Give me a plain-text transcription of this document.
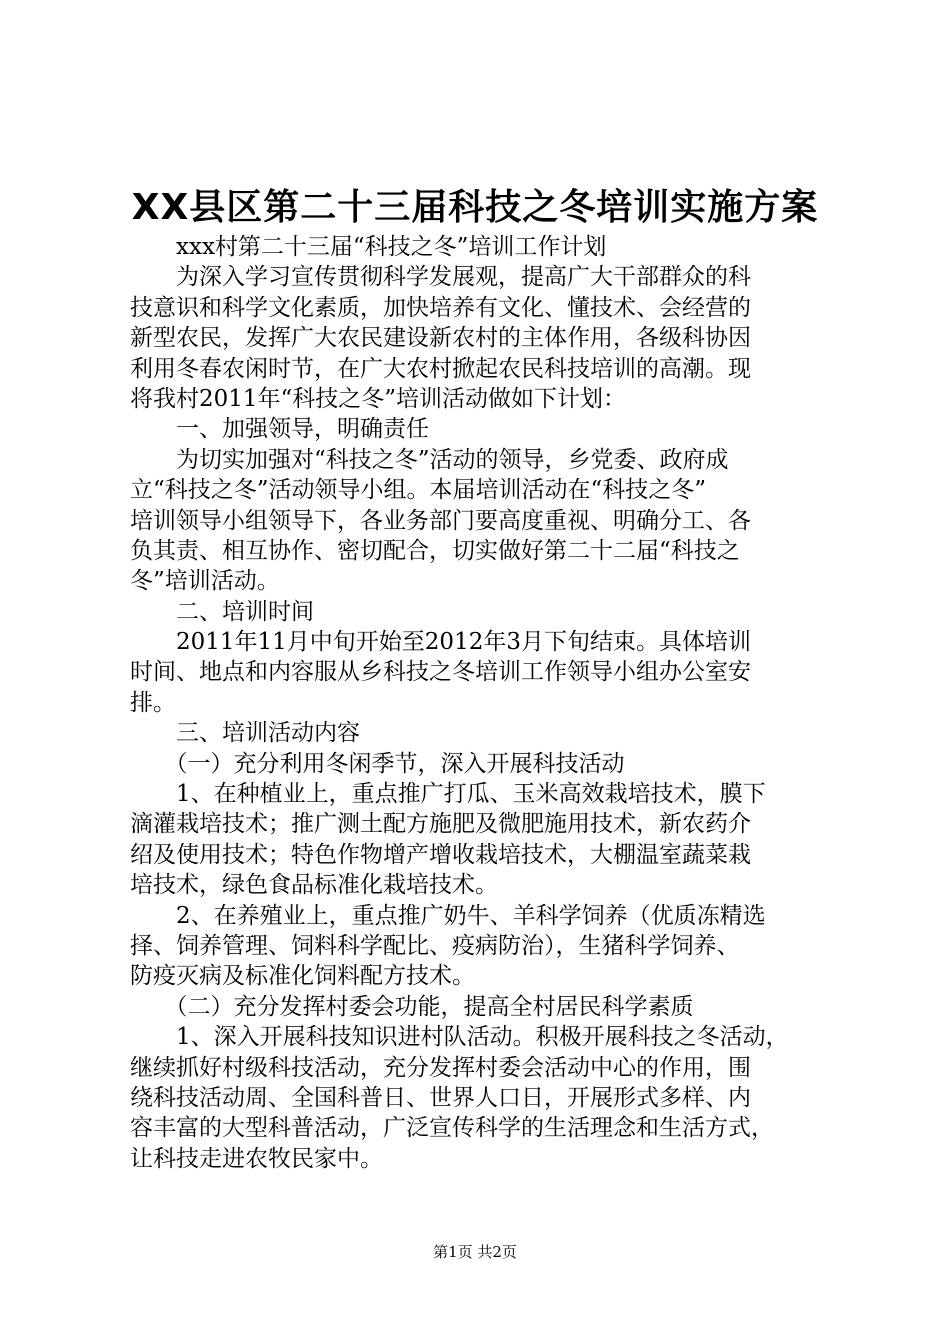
XX县区第二十三届科技之冬培训实施方案
　　xxx村第二十三届“科技之冬”培训工作计划
　　为深入学习宣传贯彻科学发展观，提高广大干部群众的科
技意识和科学文化素质，加快培养有文化、懂技术、会经营的
新型农民，发挥广大农民建设新农村的主体作用，各级科协因
利用冬春农闲时节，在广大农村掀起农民科技培训的高潮。现
将我村2011年“科技之冬”培训活动做如下计划：
　　一、加强领导，明确责任
　　为切实加强对“科技之冬”活动的领导，乡党委、政府成
立“科技之冬”活动领导小组。本届培训活动在“科技之冬”
培训领导小组领导下，各业务部门要高度重视、明确分工、各
负其责、相互协作、密切配合，切实做好第二十二届“科技之
冬”培训活动。
　　二、培训时间
　　2011年11月中旬开始至2012年3月下旬结束。具体培训
时间、地点和内容服从乡科技之冬培训工作领导小组办公室安
排。
　　三、培训活动内容
　　（一）充分利用冬闲季节，深入开展科技活动
　　1、在种植业上，重点推广打瓜、玉米高效栽培技术，膜下
滴灌栽培技术；推广测土配方施肥及微肥施用技术，新农药介
绍及使用技术；特色作物增产增收栽培技术，大棚温室蔬菜栽
培技术，绿色食品标准化栽培技术。
　　2、在养殖业上，重点推广奶牛、羊科学饲养（优质冻精选
择、饲养管理、饲料科学配比、疫病防治），生猪科学饲养、
防疫灭病及标准化饲料配方技术。
　　（二）充分发挥村委会功能，提高全村居民科学素质
　　1、深入开展科技知识进村队活动。积极开展科技之冬活动，
继续抓好村级科技活动，充分发挥村委会活动中心的作用，围
绕科技活动周、全国科普日、世界人口日，开展形式多样、内
容丰富的大型科普活动，广泛宣传科学的生活理念和生活方式，
让科技走进农牧民家中。
第1页 共2页
